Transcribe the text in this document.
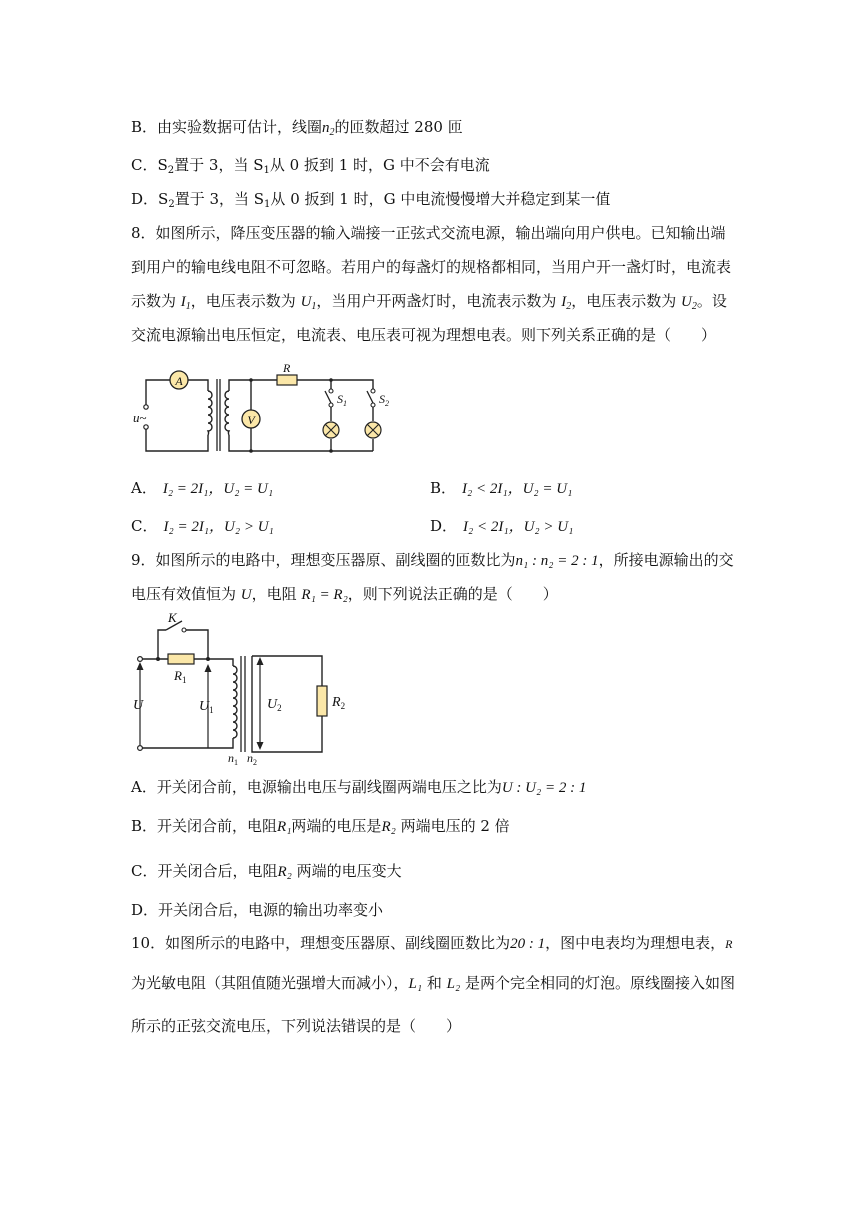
B．由实验数据可估计，线圈$n_2$的匝数超过 280 匝
C．$S_2$置于 3，当 $S_1$从 0 扳到 1 时，G 中不会有电流
D．$S_2$置于 3，当 $S_1$从 0 扳到 1 时，G 中电流慢慢增大并稳定到某一值
8．如图所示，降压变压器的输入端接一正弦式交流电源，输出端向用户供电。已知输出端
到用户的输电线电阻不可忽略。若用户的每盏灯的规格都相同，当用户开一盏灯时，电流表
示数为 $I_1$，电压表示数为 $U_1$，当用户开两盏灯时，电流表示数为 $I_2$，电压表示数为 $U_2$。设
交流电源输出电压恒定，电流表、电压表可视为理想电表。则下列关系正确的是（　　）
u~
A
V
R
$S_1$	$S_2$
A． I₂ = 2I₁，U₂ = U₁	B． I₂ < 2I₁，U₂ = U₁
C． I₂ = 2I₁，U₂ > U₁	D． I₂ < 2I₁，U₂ > U₁
9．如图所示的电路中，理想变压器原、副线圈的匝数比为n₁ : n₂ = 2 : 1，所接电源输出的交
电压有效值恒为 U，电阻 R₁ = R₂，则下列说法正确的是（　　）
K
$R_1$
U	$U_1$
$n_1$ $n_2$
$U_2$	$R_2$
A．开关闭合前，电源输出电压与副线圈两端电压之比为U : U₂ = 2 : 1
B．开关闭合前，电阻R₁两端的电压是R₂ 两端电压的 2 倍
C．开关闭合后，电阻R₂ 两端的电压变大
D．开关闭合后，电源的输出功率变小
10．如图所示的电路中，理想变压器原、副线圈匝数比为20 : 1，图中电表均为理想电表，R
为光敏电阻（其阻值随光强增大而减小），L₁ 和 L₂ 是两个完全相同的灯泡。原线圈接入如图
所示的正弦交流电压，下列说法错误的是（　　）
